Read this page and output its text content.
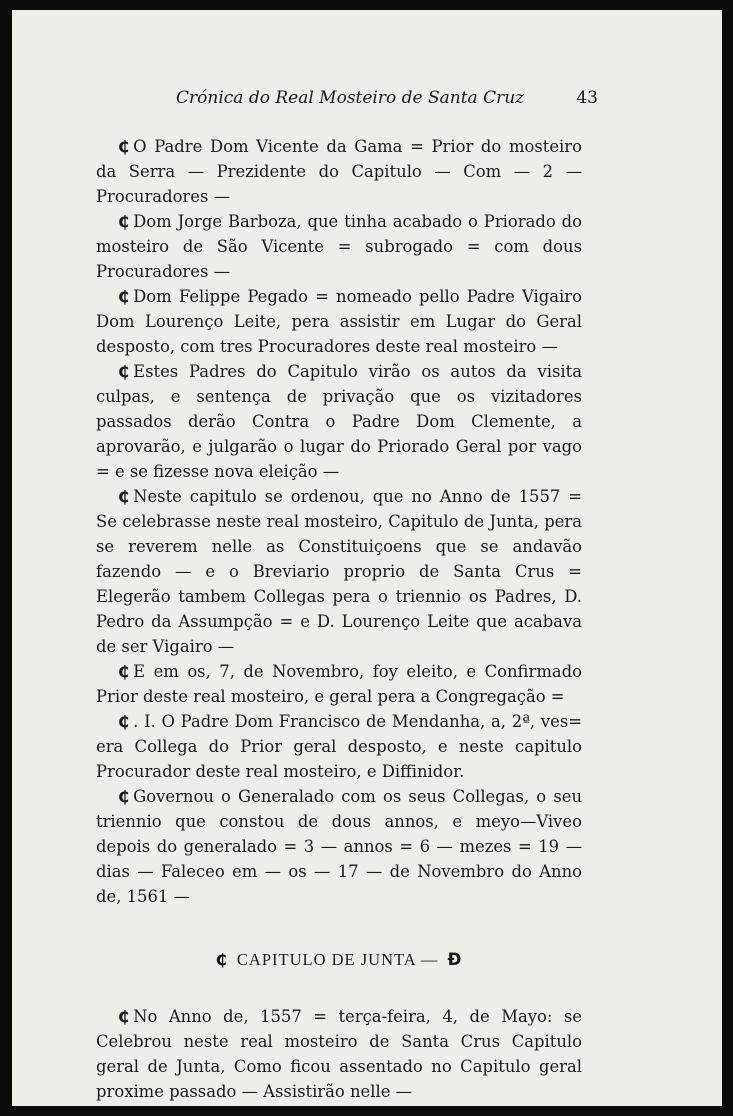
Crónica do Real Mosteiro de Santa Cruz	43

₵ O Padre Dom Vicente da Gama = Prior do mosteiro da Serra — Prezidente do Capitulo — Com — 2 — Procuradores —

₵ Dom Jorge Barboza, que tinha acabado o Priorado do mosteiro de São Vicente = subrogado = com dous Procuradores —

₵ Dom Felippe Pegado = nomeado pello Padre Vigairo Dom Lourenço Leite, pera assistir em Lugar do Geral desposto, com tres Procuradores deste real mosteiro —

₵ Estes Padres do Capitulo virão os autos da visita culpas, e sentença de privação que os vizitadores passados derão Contra o Padre Dom Clemente, a aprovarão, e julgarão o lugar do Priorado Geral por vago = e se fizesse nova eleição —

₵ Neste capitulo se ordenou, que no Anno de 1557 = Se celebrasse neste real mosteiro, Capitulo de Junta, pera se reverem nelle as Constituiçoens que se andavão fazendo — e o Breviario proprio de Santa Crus = Elegerão tambem Collegas pera o triennio os Padres, D. Pedro da Assumpção = e D. Lourenço Leite que acabava de ser Vigairo —

₵ E em os, 7, de Novembro, foy eleito, e Confirmado Prior deste real mosteiro, e geral pera a Congregação =

₵ . I. O Padre Dom Francisco de Mendanha, a, 2ª, ves= era Collega do Prior geral desposto, e neste capitulo Procurador deste real mosteiro, e Diffinidor.

₵ Governou o Generalado com os seus Collegas, o seu triennio que constou de dous annos, e meyo—Viveo depois do generalado = 3 — annos = 6 — mezes = 19 — dias — Faleceo em — os — 17 — de Novembro do Anno de, 1561 —

₵ CAPITULO DE JUNTA — Ɖ

₵ No Anno de, 1557 = terça-feira, 4, de Mayo: se Celebrou neste real mosteiro de Santa Crus Capitulo geral de Junta, Como ficou assentado no Capitulo geral proxime passado — Assistirão nelle —
